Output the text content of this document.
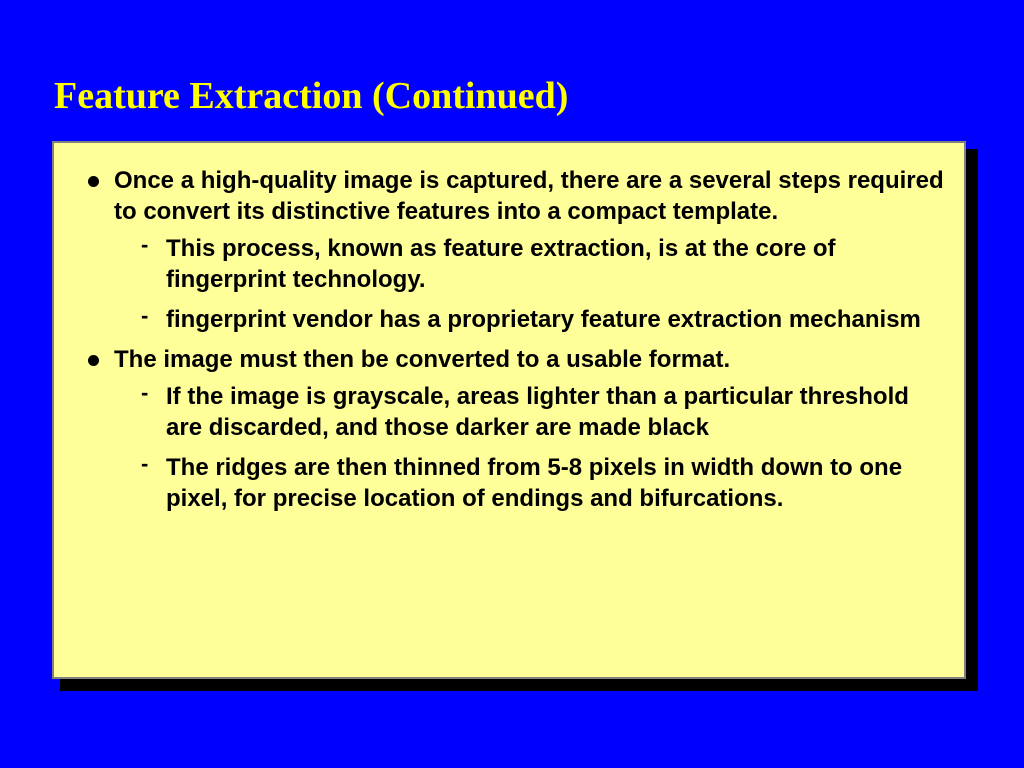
Feature Extraction (Continued)
Once a high-quality image is captured, there are a several steps required to convert its distinctive features into a compact template.
- This process, known as feature extraction, is at the core of fingerprint technology.
- fingerprint vendor has a proprietary feature extraction mechanism
The image must then be converted to a usable format.
- If the image is grayscale, areas lighter than a particular threshold are discarded, and those darker are made black
- The ridges are then thinned from 5-8 pixels in width down to one pixel, for precise location of endings and bifurcations.
